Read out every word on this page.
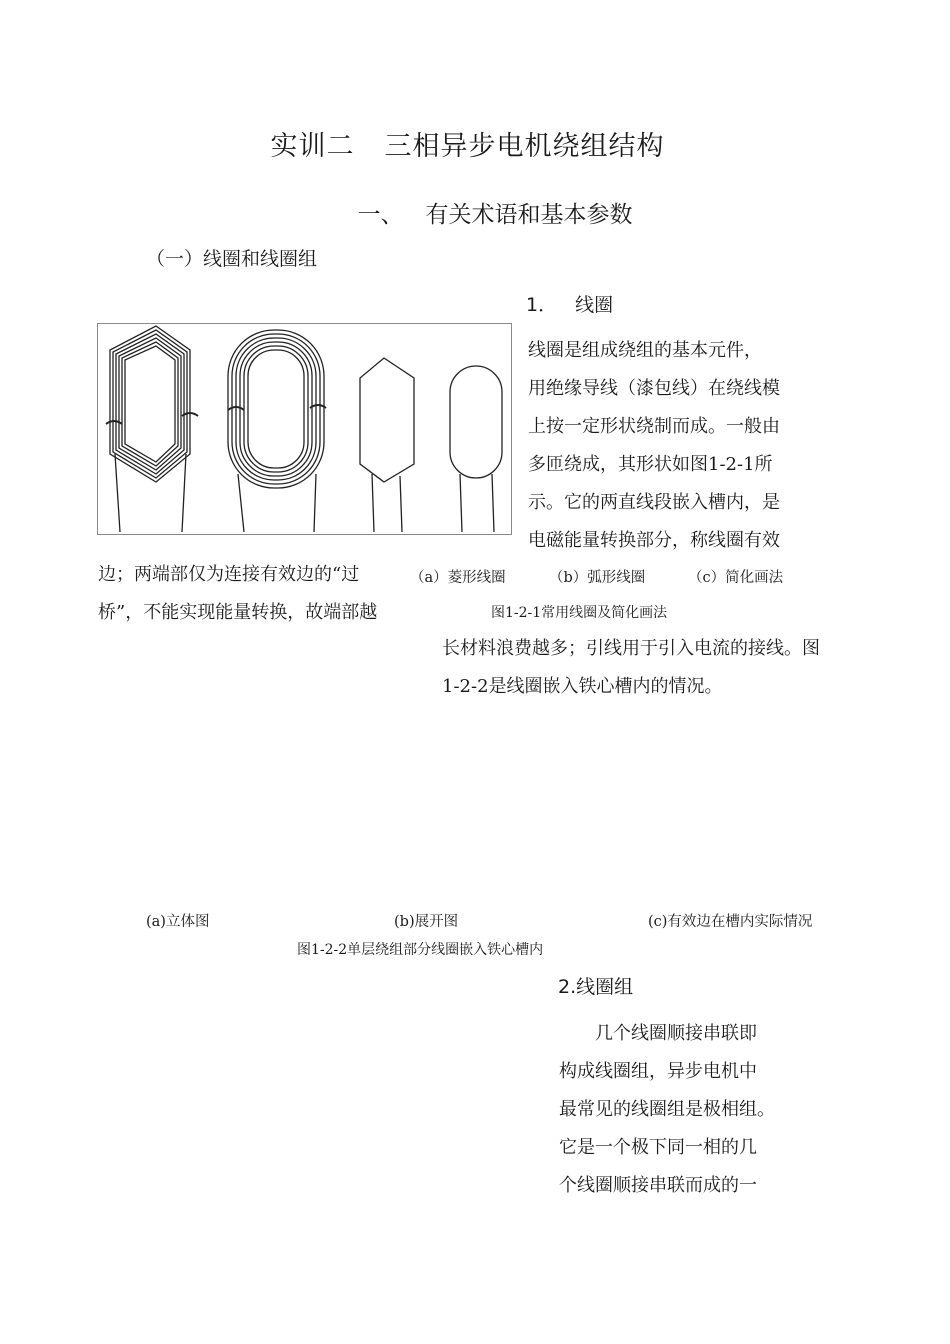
实训二 三相异步电机绕组结构
一、 有关术语和基本参数
（一）线圈和线圈组
1． 线圈
线圈是组成绕组的基本元件，
用绝缘导线（漆包线）在绕线模
上按一定形状绕制而成。一般由
多匝绕成，其形状如图1-2-1所
示。它的两直线段嵌入槽内，是
电磁能量转换部分，称线圈有效
边；两端部仅为连接有效边的“过
桥”，不能实现能量转换，故端部越
（a）菱形线圈	（b）弧形线圈	（c）简化画法
图1-2-1常用线圈及简化画法
长材料浪费越多；引线用于引入电流的接线。图
1-2-2是线圈嵌入铁心槽内的情况。
(a)立体图	(b)展开图	(c)有效边在槽内实际情况
图1-2-2单层绕组部分线圈嵌入铁心槽内
2.线圈组
几个线圈顺接串联即
构成线圈组，异步电机中
最常见的线圈组是极相组。
它是一个极下同一相的几
个线圈顺接串联而成的一
